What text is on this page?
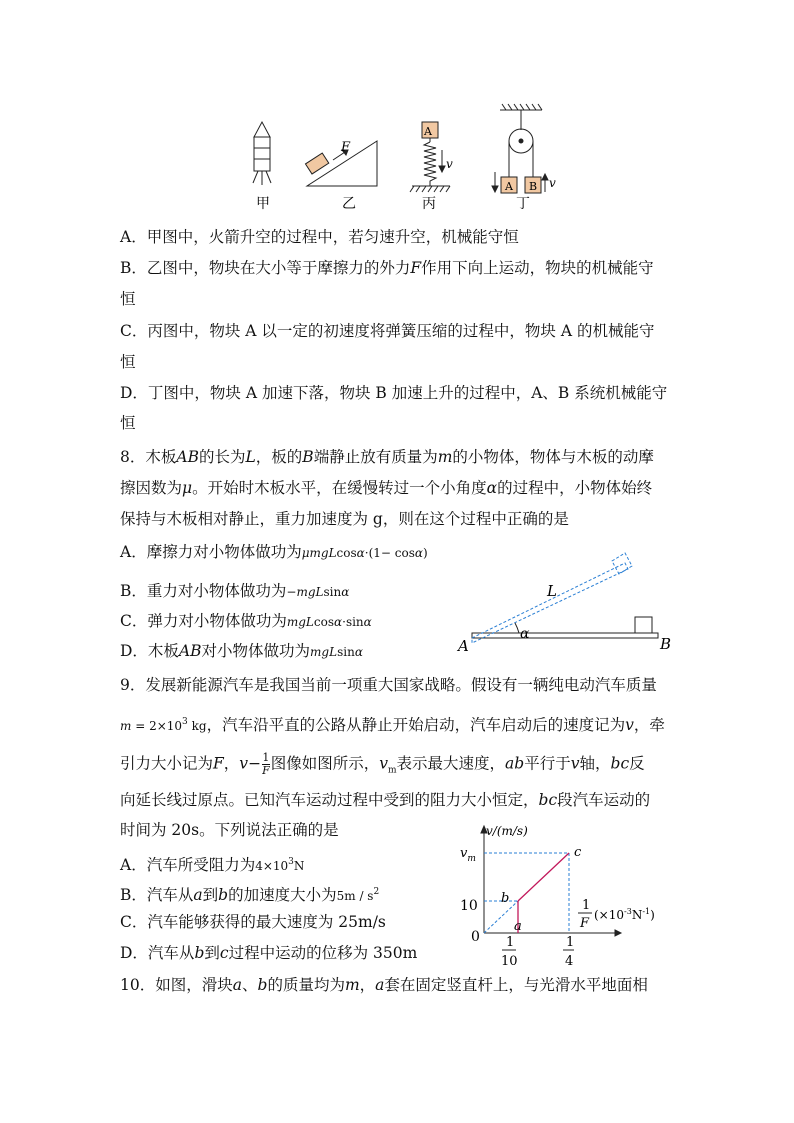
甲
F
乙
A
v
丙
A B v
丁
A．甲图中，火箭升空的过程中，若匀速升空，机械能守恒
B．乙图中，物块在大小等于摩擦力的外力F作用下向上运动，物块的机械能守
恒
C．丙图中，物块 A 以一定的初速度将弹簧压缩的过程中，物块 A 的机械能守
恒
D．丁图中，物块 A 加速下落，物块 B 加速上升的过程中，A、B 系统机械能守
恒
8．木板AB的长为L，板的B端静止放有质量为m的小物体，物体与木板的动摩
擦因数为μ。开始时木板水平，在缓慢转过一个小角度α的过程中，小物体始终
保持与木板相对静止，重力加速度为 g，则在这个过程中正确的是
A．摩擦力对小物体做功为μmgLcosα·(1− cosα)
B．重力对小物体做功为−mgLsinα
C．弹力对小物体做功为mgLcosα·sinα
D．木板AB对小物体做功为mgLsinα
L
A	B
α
9．发展新能源汽车是我国当前一项重大国家战略。假设有一辆纯电动汽车质量
$m = 2\times 10^3$ kg，汽车沿平直的公路从静止开始启动，汽车启动后的速度记为v，牵
引力大小记为F，$v- \frac{1}{F}$ 图像如图所示，$v_m$表示最大速度，ab平行于v轴，bc反
向延长线过原点。已知汽车运动过程中受到的阻力大小恒定，bc段汽车运动的
时间为 20s。下列说法正确的是
A．汽车所受阻力为$4\times 10^3N$
B．汽车从a到b的加速度大小为$5m / s^2$
C．汽车能够获得的最大速度为 25m/s
D．汽车从b到c过程中运动的位移为 350m
v/(m/s)
$v_m$
10
0 1
10
1
4
1
F
$(\times 10^{-3}N^{-1})$
a
b
c
10．如图，滑块a、b的质量均为m，a套在固定竖直杆上，与光滑水平地面相
